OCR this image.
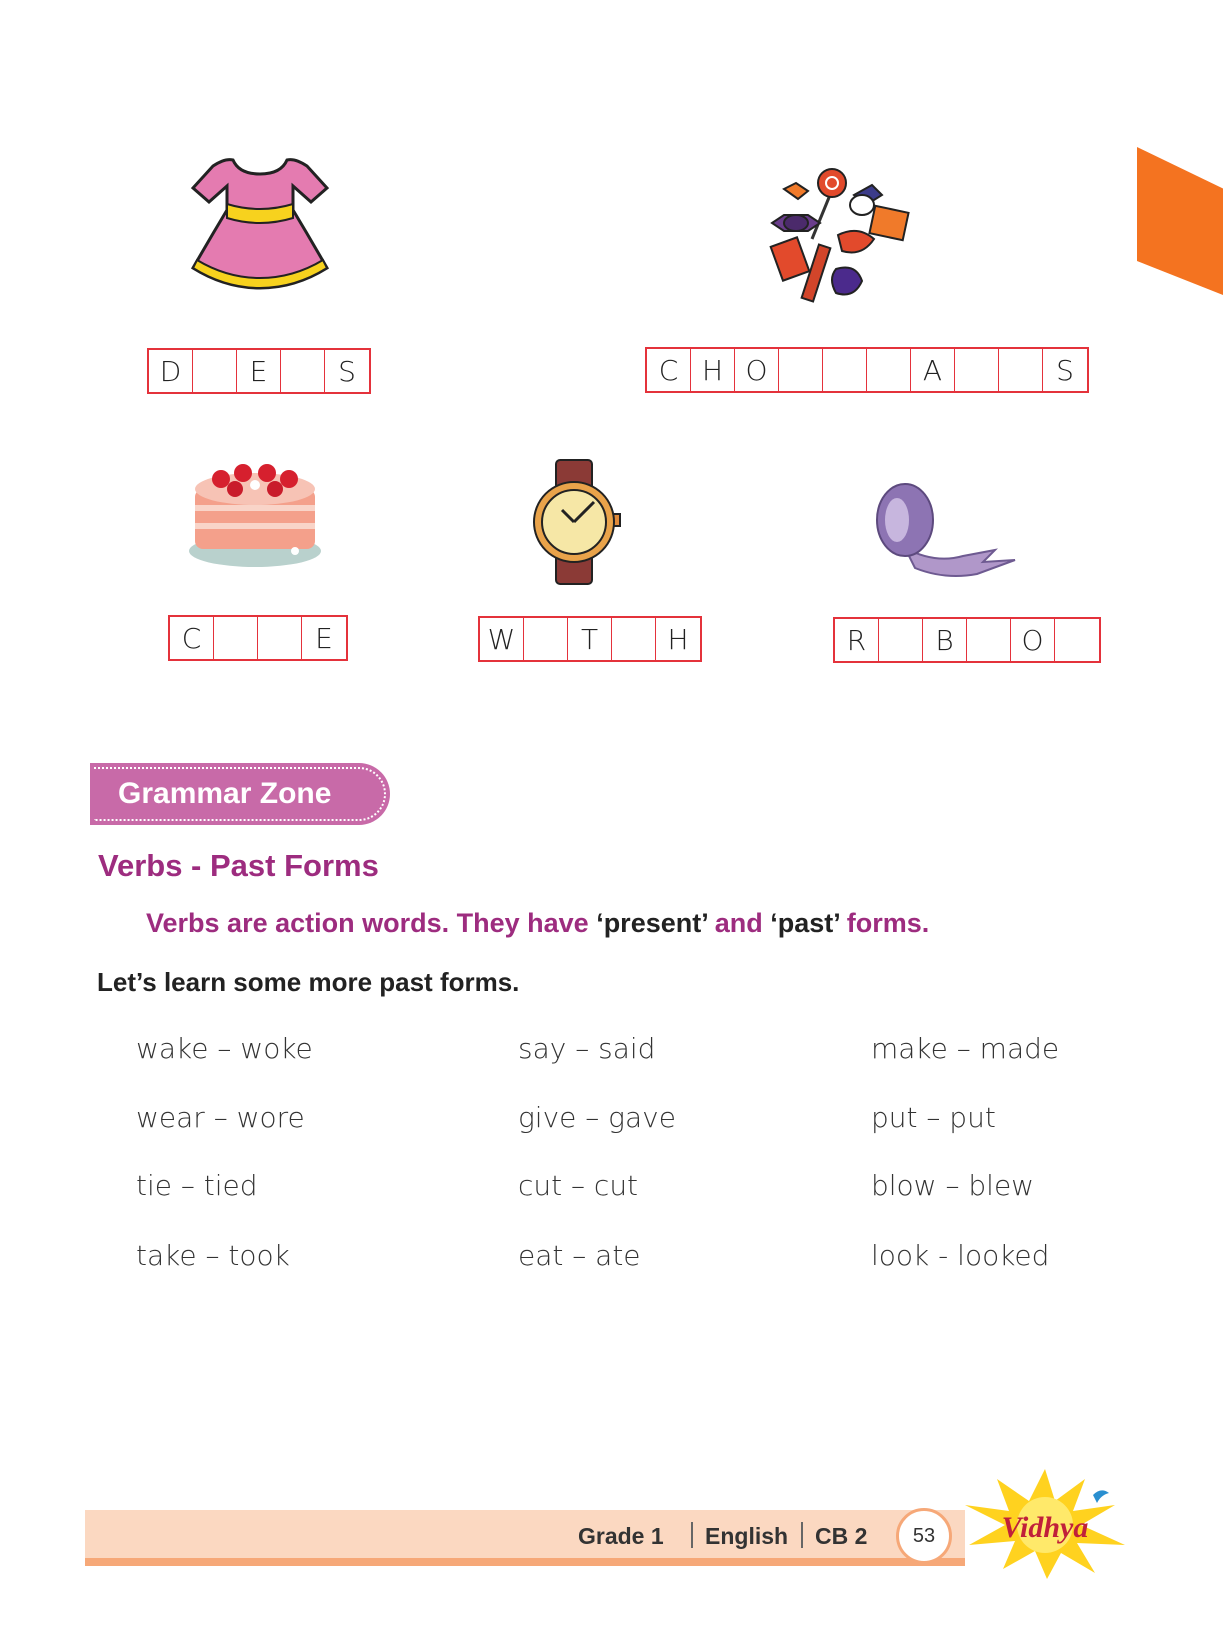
D	E	S	C H O	A	S
C	E	W	T	H	R	B	O
Grammar Zone
Verbs - Past Forms
Verbs are action words. They have ‘present’ and ‘past’ forms.
Let’s learn some more past forms.
wake – woke	say – said	make – made
wear – wore	give – gave	put – put
tie – tied	cut – cut	blow – blew
take – took	eat – ate	look - looked
Grade 1 English CB 2	53	Vidhya
